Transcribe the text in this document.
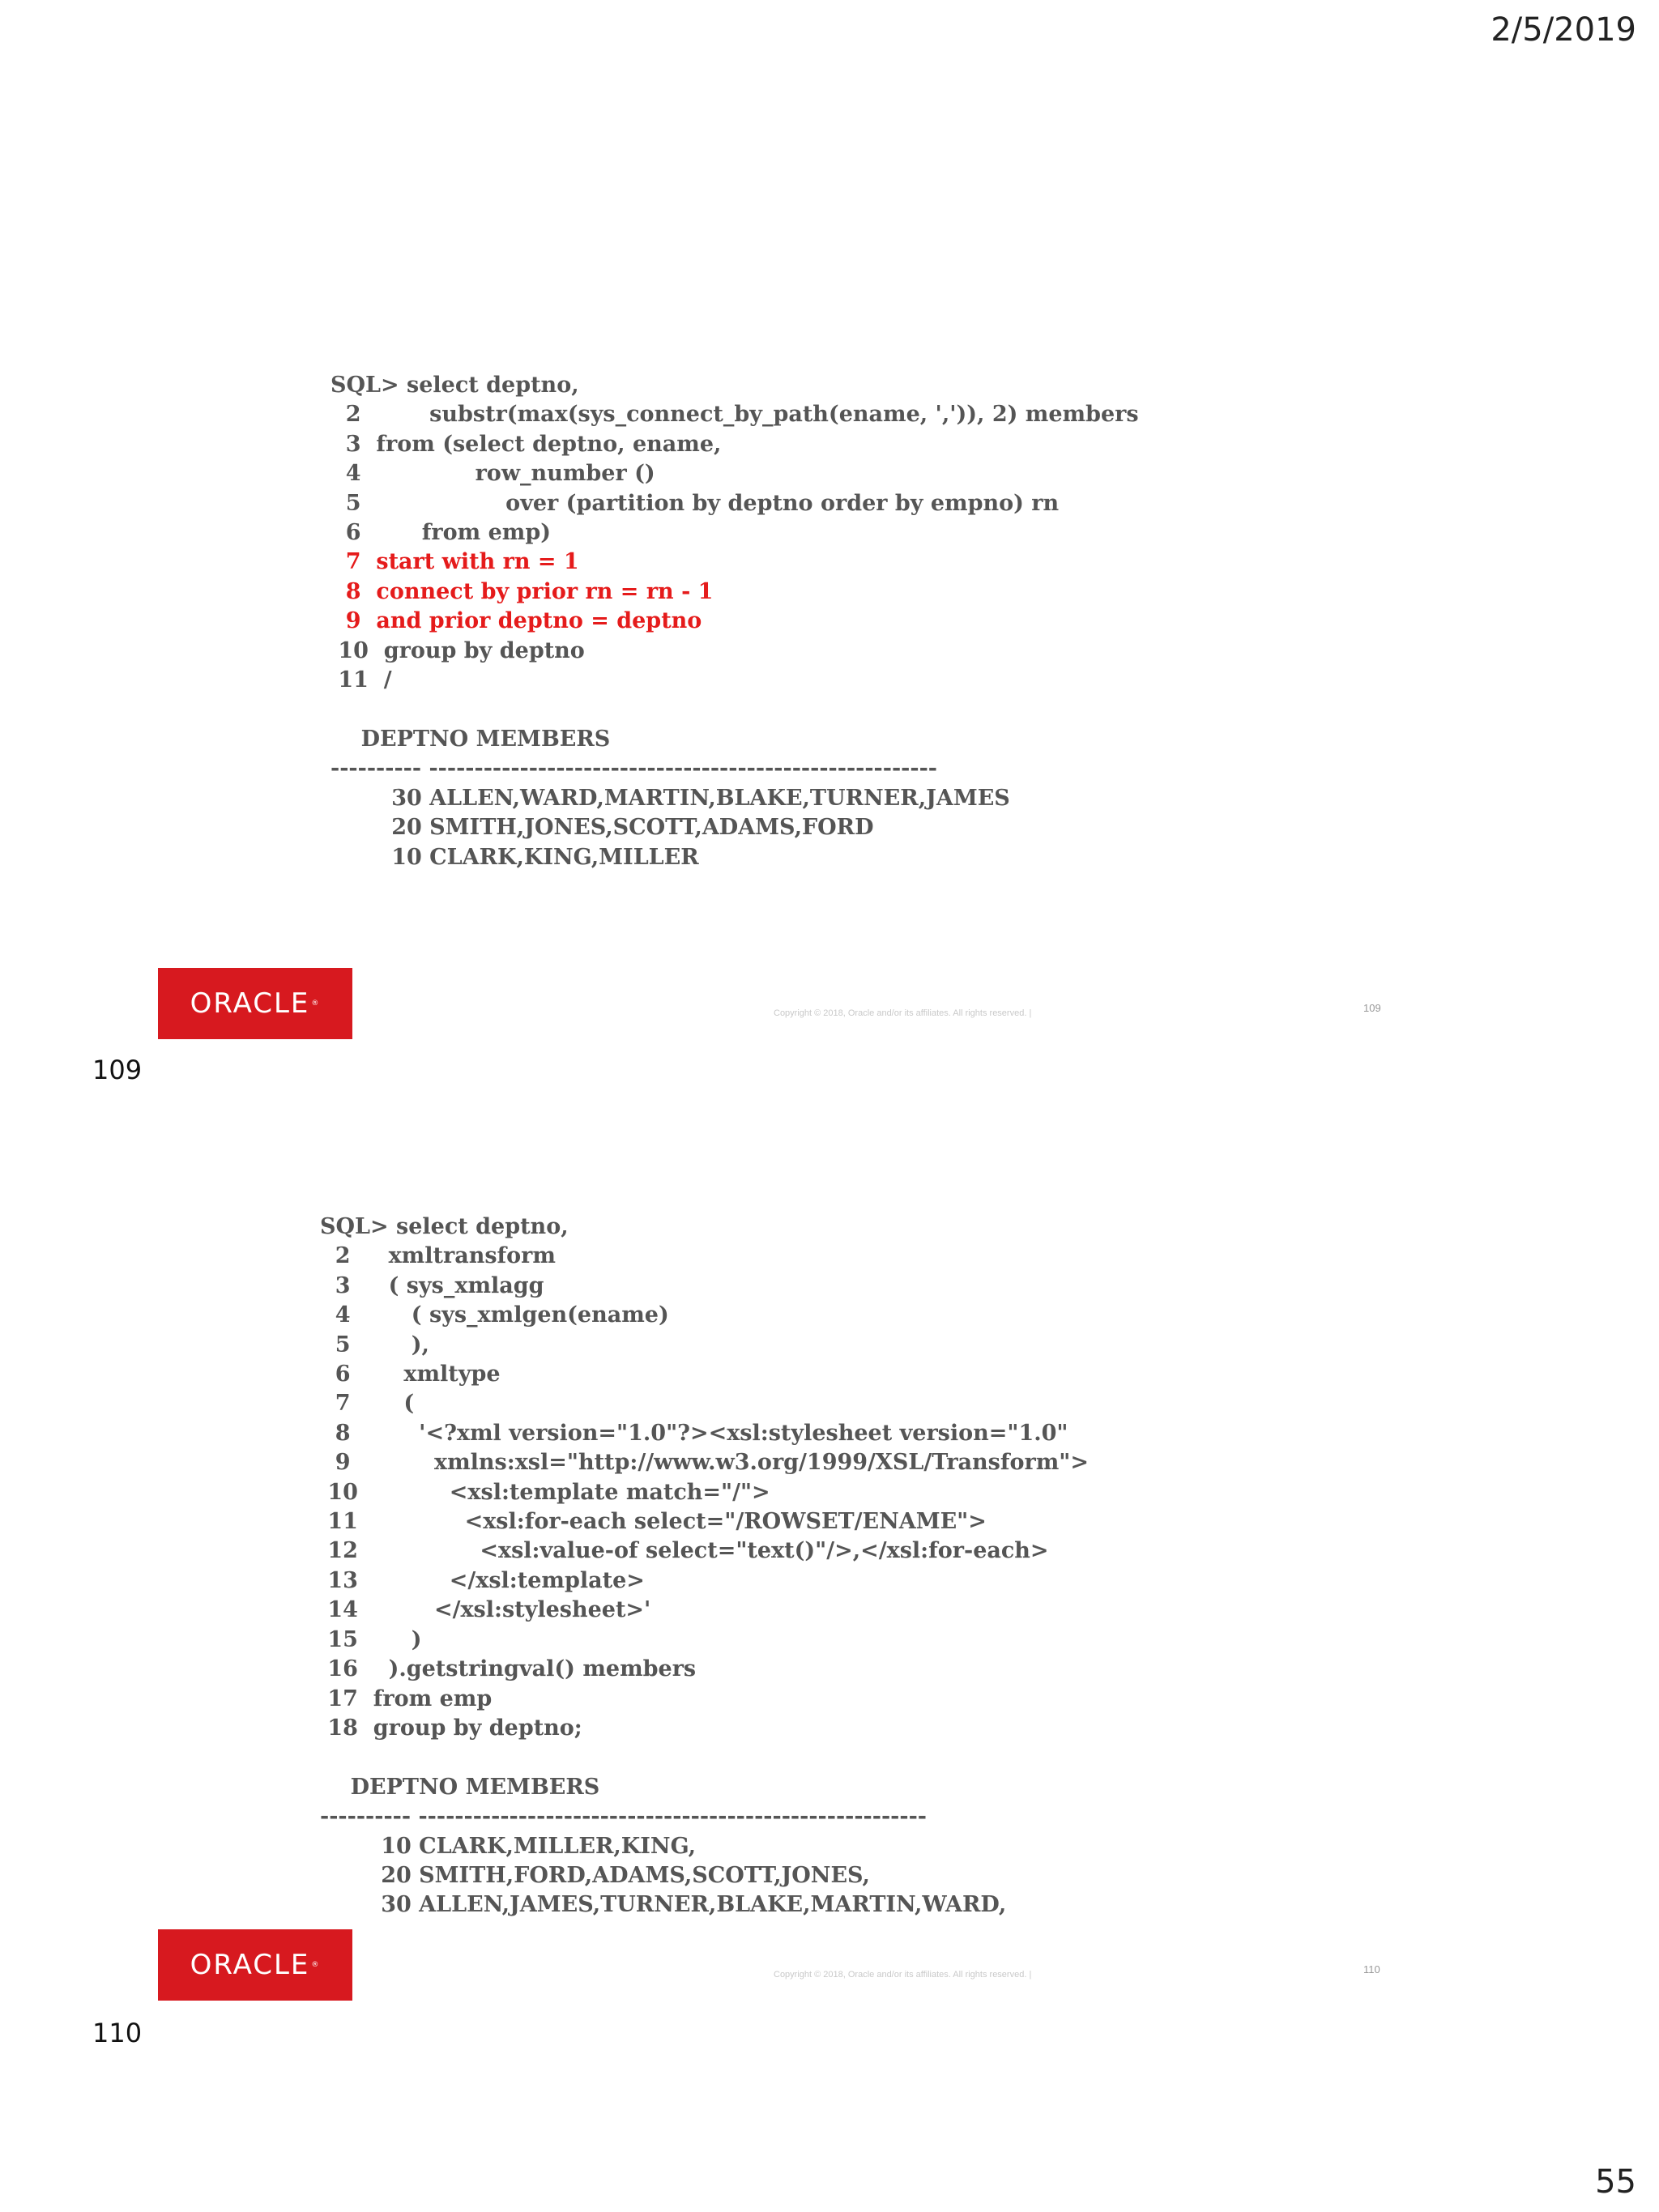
2/5/2019
SQL> select deptno,
2         substr(max(sys_connect_by_path(ename, ',')), 2) members
3  from (select deptno, ename,
4               row_number ()
5                   over (partition by deptno order by empno) rn
6        from emp)
7  start with rn = 1
8  connect by prior rn = rn - 1
9  and prior deptno = deptno
10  group by deptno
11  /

DEPTNO MEMBERS
---------- --------------------------------------------------------
30 ALLEN,WARD,MARTIN,BLAKE,TURNER,JAMES
20 SMITH,JONES,SCOTT,ADAMS,FORD
10 CLARK,KING,MILLER
ORACLE ®
Copyright © 2018, Oracle and/or its affiliates. All rights reserved. |	109
109
SQL> select deptno,
2     xmltransform
3     ( sys_xmlagg
4        ( sys_xmlgen(ename)
5        ),
6       xmltype
7       (
8         '<?xml version="1.0"?><xsl:stylesheet version="1.0"
9           xmlns:xsl="http://www.w3.org/1999/XSL/Transform">
10            <xsl:template match="/">
11              <xsl:for-each select="/ROWSET/ENAME">
12                <xsl:value-of select="text()"/>,</xsl:for-each>
13            </xsl:template>
14          </xsl:stylesheet>'
15       )
16    ).getstringval() members
17  from emp
18  group by deptno;

DEPTNO MEMBERS
---------- --------------------------------------------------------
10 CLARK,MILLER,KING,
20 SMITH,FORD,ADAMS,SCOTT,JONES,
30 ALLEN,JAMES,TURNER,BLAKE,MARTIN,WARD,
ORACLE ®
Copyright © 2018, Oracle and/or its affiliates. All rights reserved. |	110
110
55
